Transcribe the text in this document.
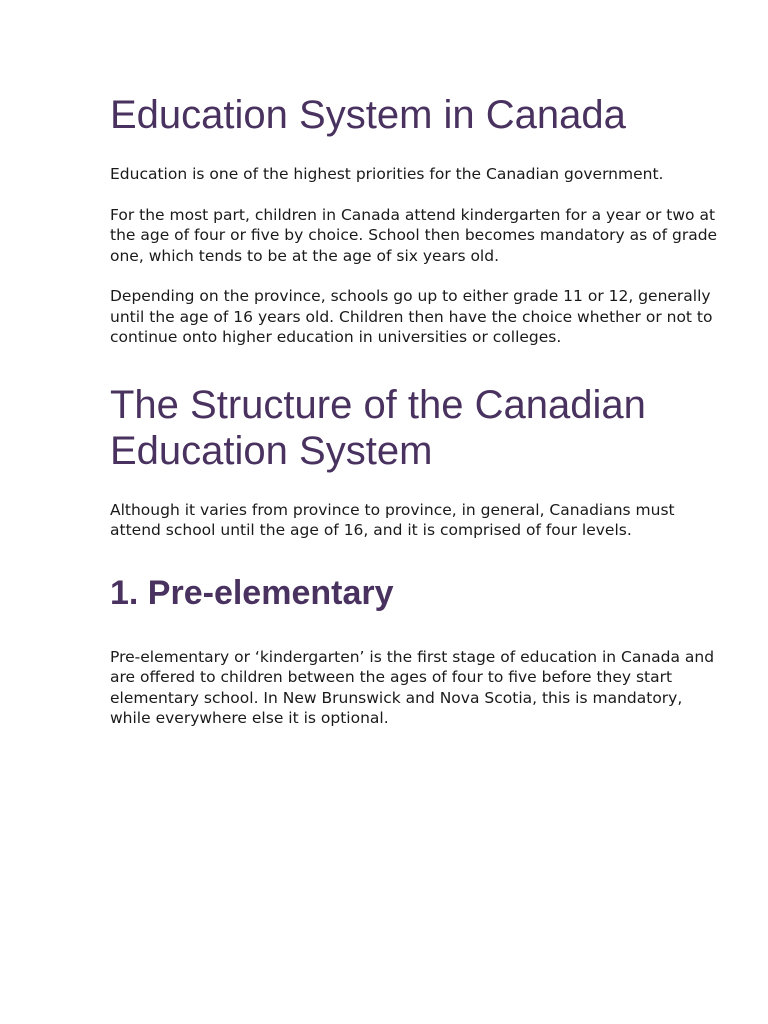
Education System in Canada

Education is one of the highest priorities for the Canadian government.

For the most part, children in Canada attend kindergarten for a year or two at the age of four or five by choice. School then becomes mandatory as of grade one, which tends to be at the age of six years old.

Depending on the province, schools go up to either grade 11 or 12, generally until the age of 16 years old. Children then have the choice whether or not to continue onto higher education in universities or colleges.

The Structure of the Canadian Education System

Although it varies from province to province, in general, Canadians must attend school until the age of 16, and it is comprised of four levels.

1. Pre-elementary

Pre-elementary or ‘kindergarten’ is the first stage of education in Canada and are offered to children between the ages of four to five before they start elementary school. In New Brunswick and Nova Scotia, this is mandatory, while everywhere else it is optional.
